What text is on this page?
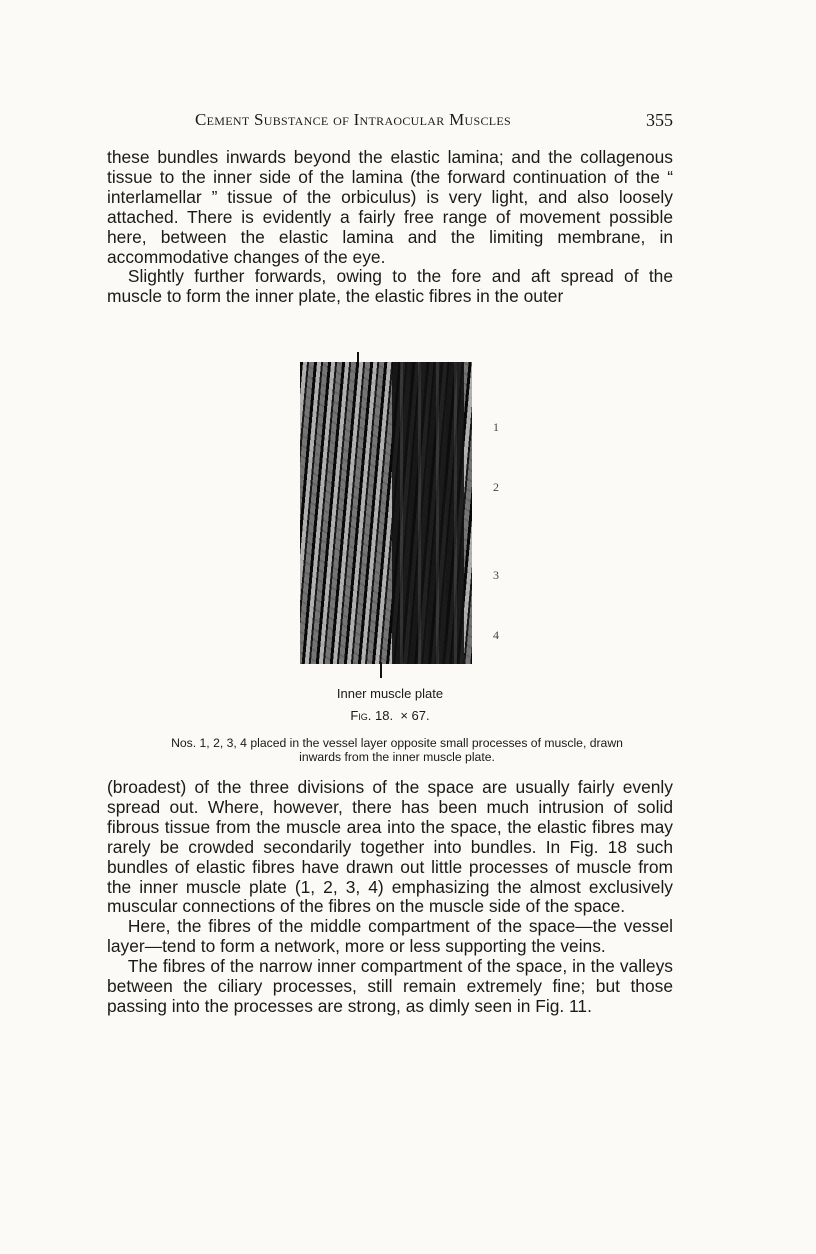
Cement Substance of Intraocular Muscles	355

these bundles inwards beyond the elastic lamina; and the collagenous tissue to the inner side of the lamina (the forward continuation of the “ interlamellar ” tissue of the orbiculus) is very light, and also loosely attached. There is evidently a fairly free range of movement possible here, between the elastic lamina and the limiting membrane, in accommodative changes of the eye.

Slightly further forwards, owing to the fore and aft spread of the muscle to form the inner plate, the elastic fibres in the outer

1
2
3
4
Inner muscle plate
Fig. 18. × 67.
Nos. 1, 2, 3, 4 placed in the vessel layer opposite small processes of muscle, drawn inwards from the inner muscle plate.

(broadest) of the three divisions of the space are usually fairly evenly spread out. Where, however, there has been much intrusion of solid fibrous tissue from the muscle area into the space, the elastic fibres may rarely be crowded secondarily together into bundles. In Fig. 18 such bundles of elastic fibres have drawn out little processes of muscle from the inner muscle plate (1, 2, 3, 4) emphasizing the almost exclusively muscular connections of the fibres on the muscle side of the space.

Here, the fibres of the middle compartment of the space—the vessel layer—tend to form a network, more or less supporting the veins.

The fibres of the narrow inner compartment of the space, in the valleys between the ciliary processes, still remain extremely fine; but those passing into the processes are strong, as dimly seen in Fig. 11.
